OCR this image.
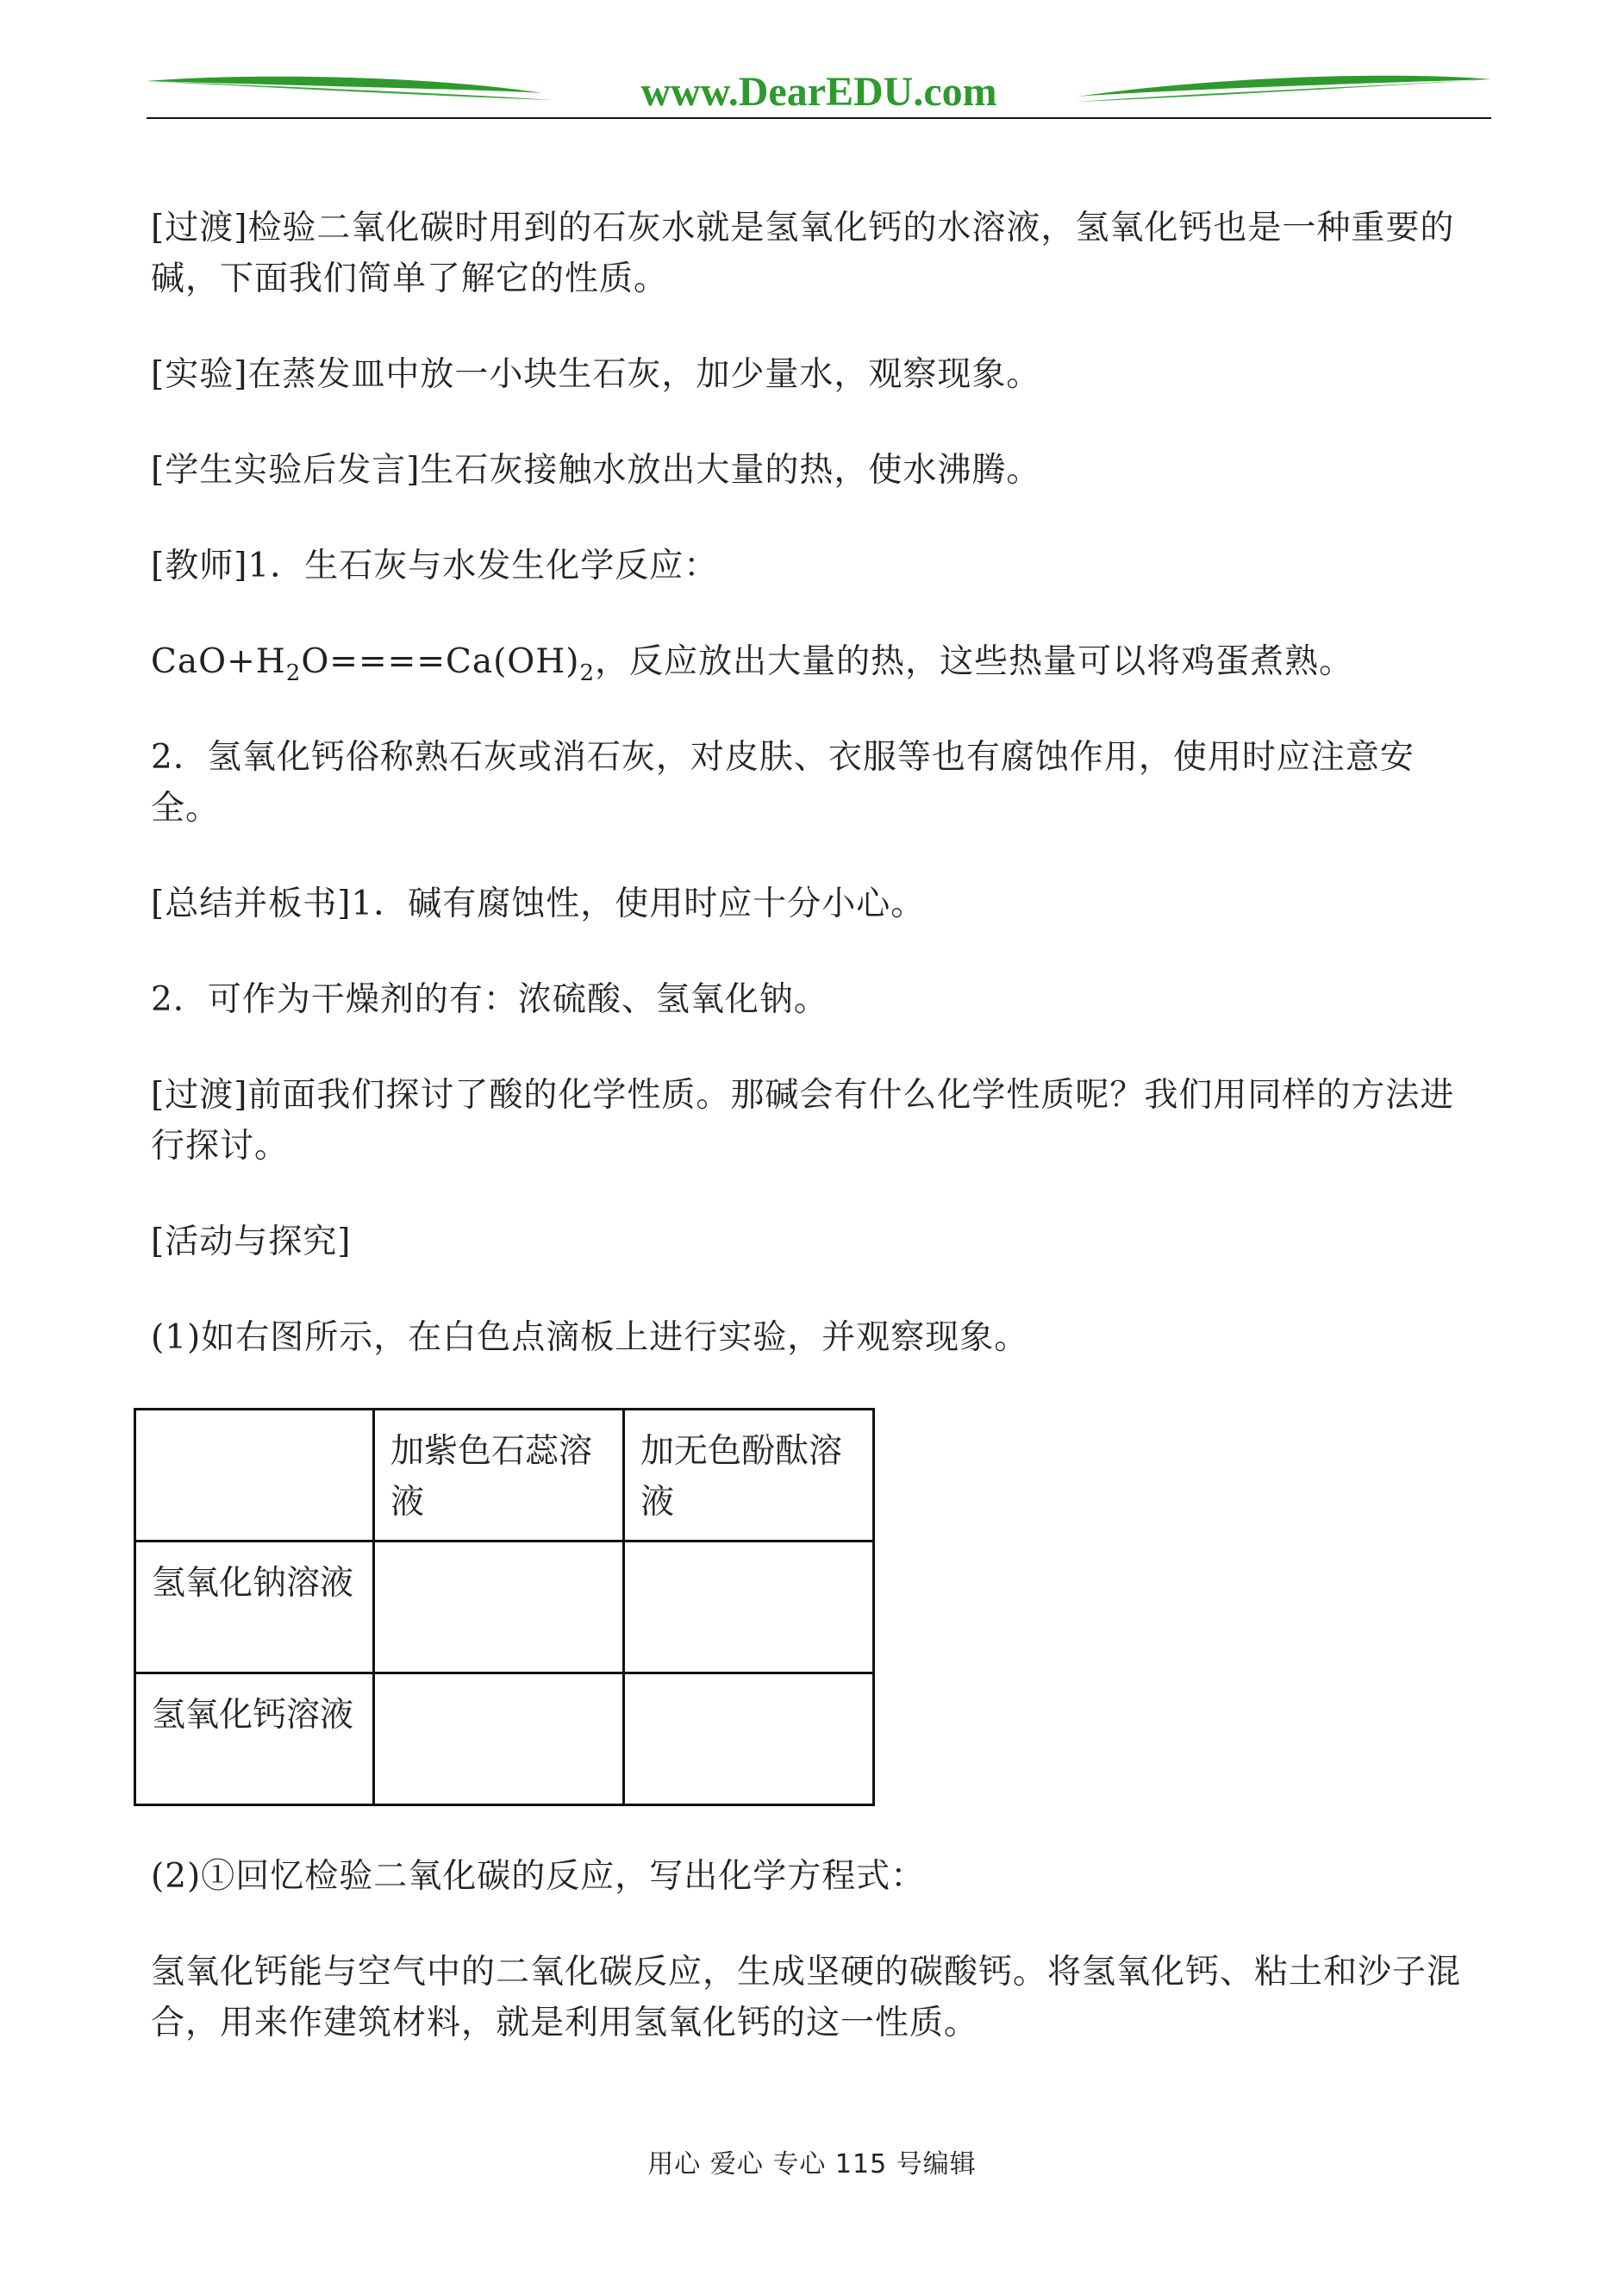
www.DearEDU.com

[过渡]检验二氧化碳时用到的石灰水就是氢氧化钙的水溶液，氢氧化钙也是一种重要的碱，下面我们简单了解它的性质。

[实验]在蒸发皿中放一小块生石灰，加少量水，观察现象。

[学生实验后发言]生石灰接触水放出大量的热，使水沸腾。

[教师]1．生石灰与水发生化学反应：

$CaO+H_2O====Ca(OH)_2$，反应放出大量的热，这些热量可以将鸡蛋煮熟。

2．氢氧化钙俗称熟石灰或消石灰，对皮肤、衣服等也有腐蚀作用，使用时应注意安全。

[总结并板书]1．碱有腐蚀性，使用时应十分小心。

2．可作为干燥剂的有：浓硫酸、氢氧化钠。

[过渡]前面我们探讨了酸的化学性质。那碱会有什么化学性质呢？我们用同样的方法进行探讨。

[活动与探究]

(1)如右图所示，在白色点滴板上进行实验，并观察现象。

	加紫色石蕊溶液	加无色酚酞溶液
氢氧化钠溶液		
氢氧化钙溶液		

(2)①回忆检验二氧化碳的反应，写出化学方程式：

氢氧化钙能与空气中的二氧化碳反应，生成坚硬的碳酸钙。将氢氧化钙、粘土和沙子混合，用来作建筑材料，就是利用氢氧化钙的这一性质。

用心 爱心 专心 115 号编辑
